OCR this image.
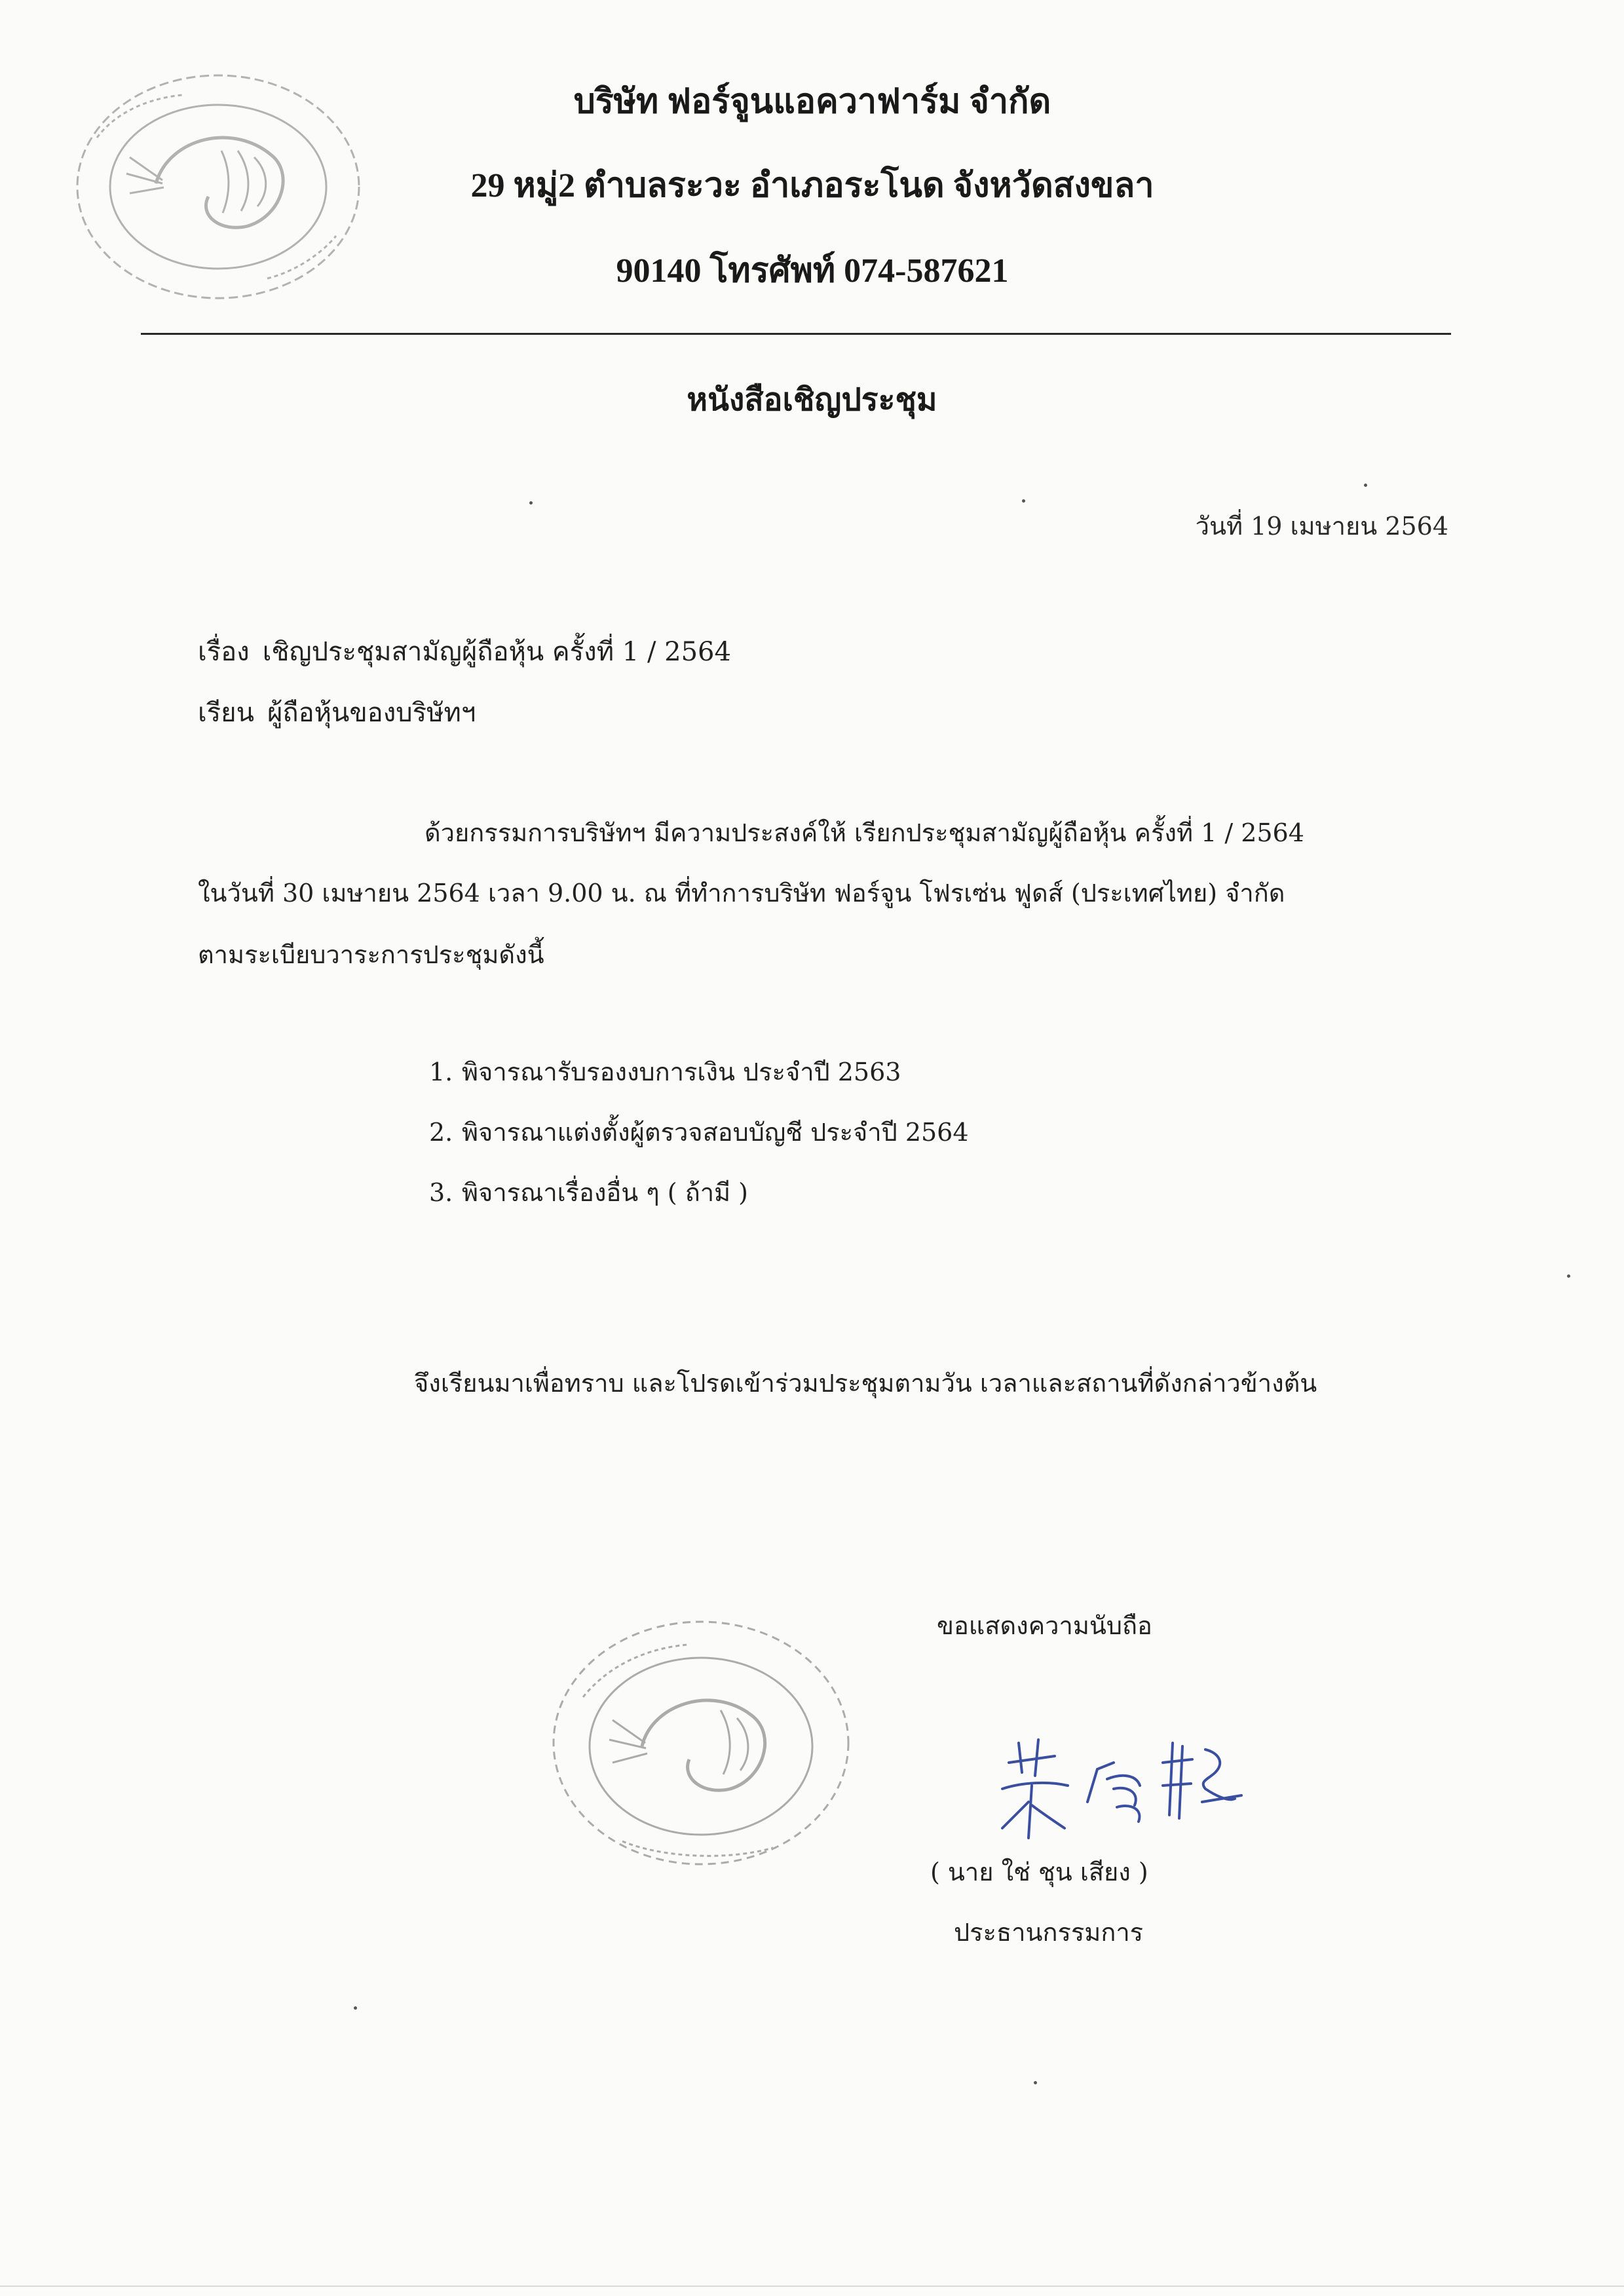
บริษัท ฟอร์จูนแอควาฟาร์ม จำกัด
29 หมู่2 ตำบลระวะ อำเภอระโนด จังหวัดสงขลา
90140 โทรศัพท์ 074-587621
หนังสือเชิญประชุม
วันที่ 19 เมษายน 2564
เรื่อง เชิญประชุมสามัญผู้ถือหุ้น ครั้งที่ 1 / 2564
เรียน ผู้ถือหุ้นของบริษัทฯ
ด้วยกรรมการบริษัทฯ มีความประสงค์ให้ เรียกประชุมสามัญผู้ถือหุ้น ครั้งที่ 1 / 2564
ในวันที่ 30 เมษายน 2564 เวลา 9.00 น. ณ ที่ทำการบริษัท ฟอร์จูน โฟรเซ่น ฟูดส์ (ประเทศไทย) จำกัด
ตามระเบียบวาระการประชุมดังนี้
1. พิจารณารับรองงบการเงิน ประจำปี 2563
2. พิจารณาแต่งตั้งผู้ตรวจสอบบัญชี ประจำปี 2564
3. พิจารณาเรื่องอื่น ๆ ( ถ้ามี )
จึงเรียนมาเพื่อทราบ และโปรดเข้าร่วมประชุมตามวัน เวลาและสถานที่ดังกล่าวข้างต้น
ขอแสดงความนับถือ
( นาย ใช่ ชุน เสียง )
ประธานกรรมการ
